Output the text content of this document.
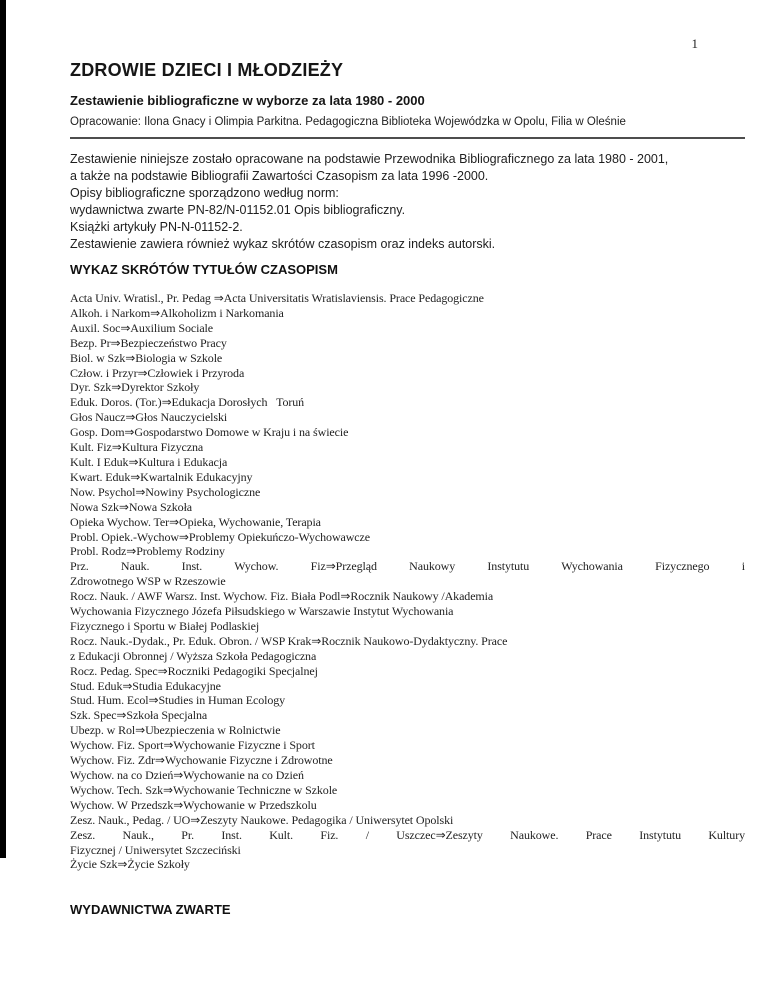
1
ZDROWIE DZIECI I MŁODZIEŻY
Zestawienie bibliograficzne w wyborze za lata 1980 - 2000
Opracowanie: Ilona Gnacy i Olimpia Parkitna. Pedagogiczna Biblioteka Wojewódzka w Opolu, Filia w Oleśnie
Zestawienie niniejsze zostało opracowane na podstawie Przewodnika Bibliograficznego za lata 1980 - 2001,
a także na podstawie Bibliografii Zawartości Czasopism za lata 1996 -2000.
Opisy bibliograficzne sporządzono według norm:
wydawnictwa zwarte PN-82/N-01152.01 Opis bibliograficzny.
Książki artykuły PN-N-01152-2.
Zestawienie zawiera również wykaz skrótów czasopism oraz indeks autorski.
WYKAZ SKRÓTÓW TYTUŁÓW CZASOPISM
Acta Univ. Wratisl., Pr. Pedag ⇒Acta Universitatis Wratislaviensis. Prace Pedagogiczne
Alkoh. i Narkom⇒Alkoholizm i Narkomania
Auxil. Soc⇒Auxilium Sociale
Bezp. Pr⇒Bezpieczeństwo Pracy
Biol. w Szk⇒Biologia w Szkole
Człow. i Przyr⇒Człowiek i Przyroda
Dyr. Szk⇒Dyrektor Szkoły
Eduk. Doros. (Tor.)⇒Edukacja Dorosłych   Toruń
Głos Naucz⇒Głos Nauczycielski
Gosp. Dom⇒Gospodarstwo Domowe w Kraju i na świecie
Kult. Fiz⇒Kultura Fizyczna
Kult. I Eduk⇒Kultura i Edukacja
Kwart. Eduk⇒Kwartalnik Edukacyjny
Now. Psychol⇒Nowiny Psychologiczne
Nowa Szk⇒Nowa Szkoła
Opieka Wychow. Ter⇒Opieka, Wychowanie, Terapia
Probl. Opiek.-Wychow⇒Problemy Opiekuńczo-Wychowawcze
Probl. Rodz⇒Problemy Rodziny
Prz. Nauk. Inst. Wychow. Fiz⇒Przegląd Naukowy Instytutu Wychowania Fizycznego i
Zdrowotnego WSP w Rzeszowie
Rocz. Nauk. / AWF Warsz. Inst. Wychow. Fiz. Biała Podl⇒Rocznik Naukowy /Akademia
Wychowania Fizycznego Józefa Piłsudskiego w Warszawie Instytut Wychowania
Fizycznego i Sportu w Białej Podlaskiej
Rocz. Nauk.-Dydak., Pr. Eduk. Obron. / WSP Krak⇒Rocznik Naukowo-Dydaktyczny. Prace
z Edukacji Obronnej / Wyższa Szkoła Pedagogiczna
Rocz. Pedag. Spec⇒Roczniki Pedagogiki Specjalnej
Stud. Eduk⇒Studia Edukacyjne
Stud. Hum. Ecol⇒Studies in Human Ecology
Szk. Spec⇒Szkoła Specjalna
Ubezp. w Rol⇒Ubezpieczenia w Rolnictwie
Wychow. Fiz. Sport⇒Wychowanie Fizyczne i Sport
Wychow. Fiz. Zdr⇒Wychowanie Fizyczne i Zdrowotne
Wychow. na co Dzień⇒Wychowanie na co Dzień
Wychow. Tech. Szk⇒Wychowanie Techniczne w Szkole
Wychow. W Przedszk⇒Wychowanie w Przedszkolu
Zesz. Nauk., Pedag. / UO⇒Zeszyty Naukowe. Pedagogika / Uniwersytet Opolski
Zesz. Nauk., Pr. Inst. Kult. Fiz. / Uszczec⇒Zeszyty Naukowe. Prace Instytutu Kultury
Fizycznej / Uniwersytet Szczeciński
Życie Szk⇒Życie Szkoły
WYDAWNICTWA ZWARTE
